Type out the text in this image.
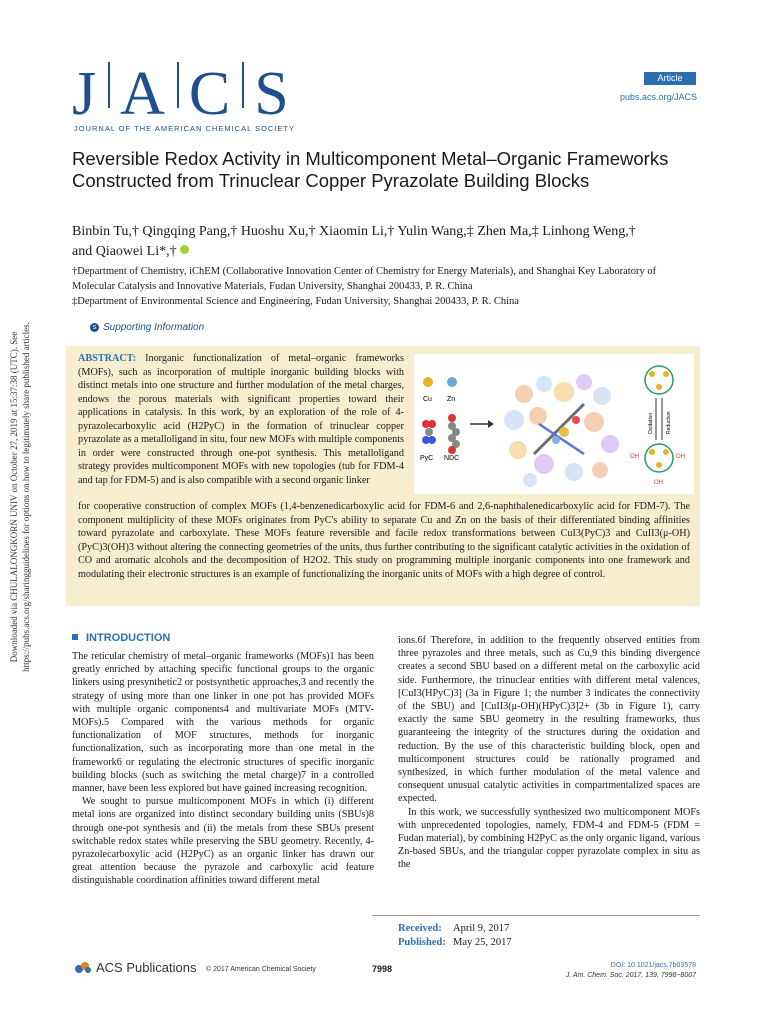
J A C S
JOURNAL OF THE AMERICAN CHEMICAL SOCIETY
Article
pubs.acs.org/JACS
Reversible Redox Activity in Multicomponent Metal–Organic Frameworks Constructed from Trinuclear Copper Pyrazolate Building Blocks
Binbin Tu,† Qingqing Pang,† Huoshu Xu,† Xiaomin Li,† Yulin Wang,‡ Zhen Ma,‡ Linhong Weng,†
and Qiaowei Li*,†
†Department of Chemistry, iChEM (Collaborative Innovation Center of Chemistry for Energy Materials), and Shanghai Key Laboratory of Molecular Catalysis and Innovative Materials, Fudan University, Shanghai 200433, P. R. China
‡Department of Environmental Science and Engineering, Fudan University, Shanghai 200433, P. R. China
s Supporting Information
ABSTRACT: Inorganic functionalization of metal–organic frameworks (MOFs), such as incorporation of multiple inorganic building blocks with distinct metals into one structure and further modulation of the metal charges, endows the porous materials with significant properties toward their applications in catalysis. In this work, by an exploration of the role of 4-pyrazolecarboxylic acid (H2PyC) in the formation of trinuclear copper pyrazolate as a metalloligand in situ, four new MOFs with multiple components in order were constructed through one-pot synthesis. This metalloligand strategy provides multicomponent MOFs with new topologies (tub for FDM-4 and tap for FDM-5) and is also compatible with a second organic linker
for cooperative construction of complex MOFs (1,4-benzenedicarboxylic acid for FDM-6 and 2,6-naphthalenedicarboxylic acid for FDM-7). The component multiplicity of these MOFs originates from PyC's ability to separate Cu and Zn on the basis of their differentiated binding affinities toward pyrazolate and carboxylate. These MOFs feature reversible and facile redox transformations between CuI3(PyC)3 and CuII3(μ-OH)(PyC)3(OH)3 without altering the connecting geometries of the units, thus further contributing to the significant catalytic activities in the oxidation of CO and aromatic alcohols and the decomposition of H2O2. This study on programming multiple inorganic components into one framework and modulating their electronic structures is an example of functionalizing the inorganic units of MOFs with a high degree of control.
Cu Zn
PyC NDC
Oxidation Reduction
OH	OH
OH
Downloaded via CHULALONGKORN UNIV on October 27, 2019 at 15:37:38 (UTC). See https://pubs.acs.org/sharingguidelines for options on how to legitimately share published articles.	INTRODUCTION

The reticular chemistry of metal–organic frameworks (MOFs)1 has been greatly enriched by attaching specific functional groups to the organic linkers using presynthetic2 or postsynthetic approaches,3 and recently the strategy of using more than one linker in one pot has provided MOFs with multiple organic components4 and multivariate MOFs (MTV-MOFs).5 Compared with the various methods for organic functionalization of MOF structures, methods for inorganic functionalization, such as incorporating more than one metal in the framework6 or regulating the electronic structures of specific inorganic building blocks (such as switching the metal charge)7 in a controlled manner, have been less explored but have gained increasing recognition.

We sought to pursue multicomponent MOFs in which (i) different metal ions are organized into distinct secondary building units (SBUs)8 through one-pot synthesis and (ii) the metals from these SBUs present switchable redox states while preserving the SBU geometry. Recently, 4-pyrazolecarboxylic acid (H2PyC) as an organic linker has drawn our great attention because the pyrazole and carboxylic acid feature distinguishable coordination affinities toward different metal

ions.6f Therefore, in addition to the frequently observed entities from three pyrazoles and three metals, such as Cu,9 this binding divergence creates a second SBU based on a different metal on the carboxylic acid side. Furthermore, the trinuclear entities with different metal valences, [CuI3(HPyC)3] (3a in Figure 1; the number 3 indicates the connectivity of the SBU) and [CuII3(μ-OH)(HPyC)3]2+ (3b in Figure 1), carry exactly the same SBU geometry in the resulting frameworks, thus guaranteeing the integrity of the structures during the oxidation and reduction. By the use of this characteristic building block, open and multicomponent structures could be rationally programed and synthesized, in which further modulation of the metal valence and consequent unusual catalytic activities in compartmentalized spaces are expected.

In this work, we successfully synthesized two multicomponent MOFs with unprecedented topologies, namely, FDM-4 and FDM-5 (FDM = Fudan material), by combining H2PyC as the only organic ligand, various Zn-based SBUs, and the triangular copper pyrazolate complex in situ as the

Received: April 9, 2017
Published: May 25, 2017
ACS Publications © 2017 American Chemical Society	7998	DOI: 10.1021/jacs.7b03578
J. Am. Chem. Soc. 2017, 139, 7998−8007
